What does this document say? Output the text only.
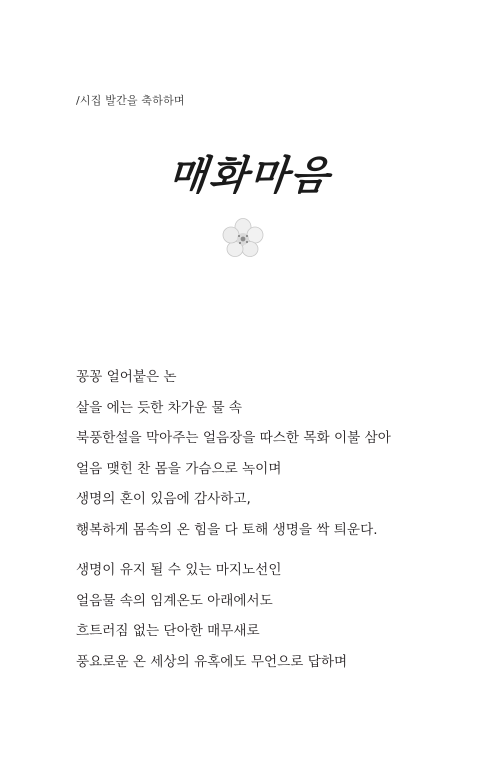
/시집 발간을 축하하며
매화마음
꽁꽁 얼어붙은 논
살을 에는 듯한 차가운 물 속
북풍한설을 막아주는 얼음장을 따스한 목화 이불 삼아
얼음 맺힌 찬 몸을 가슴으로 녹이며
생명의 혼이 있음에 감사하고,
행복하게 몸속의 온 힘을 다 토해 생명을 싹 틔운다.
생명이 유지 될 수 있는 마지노선인
얼음물 속의 임계온도 아래에서도
흐트러짐 없는 단아한 매무새로
풍요로운 온 세상의 유혹에도 무언으로 답하며
